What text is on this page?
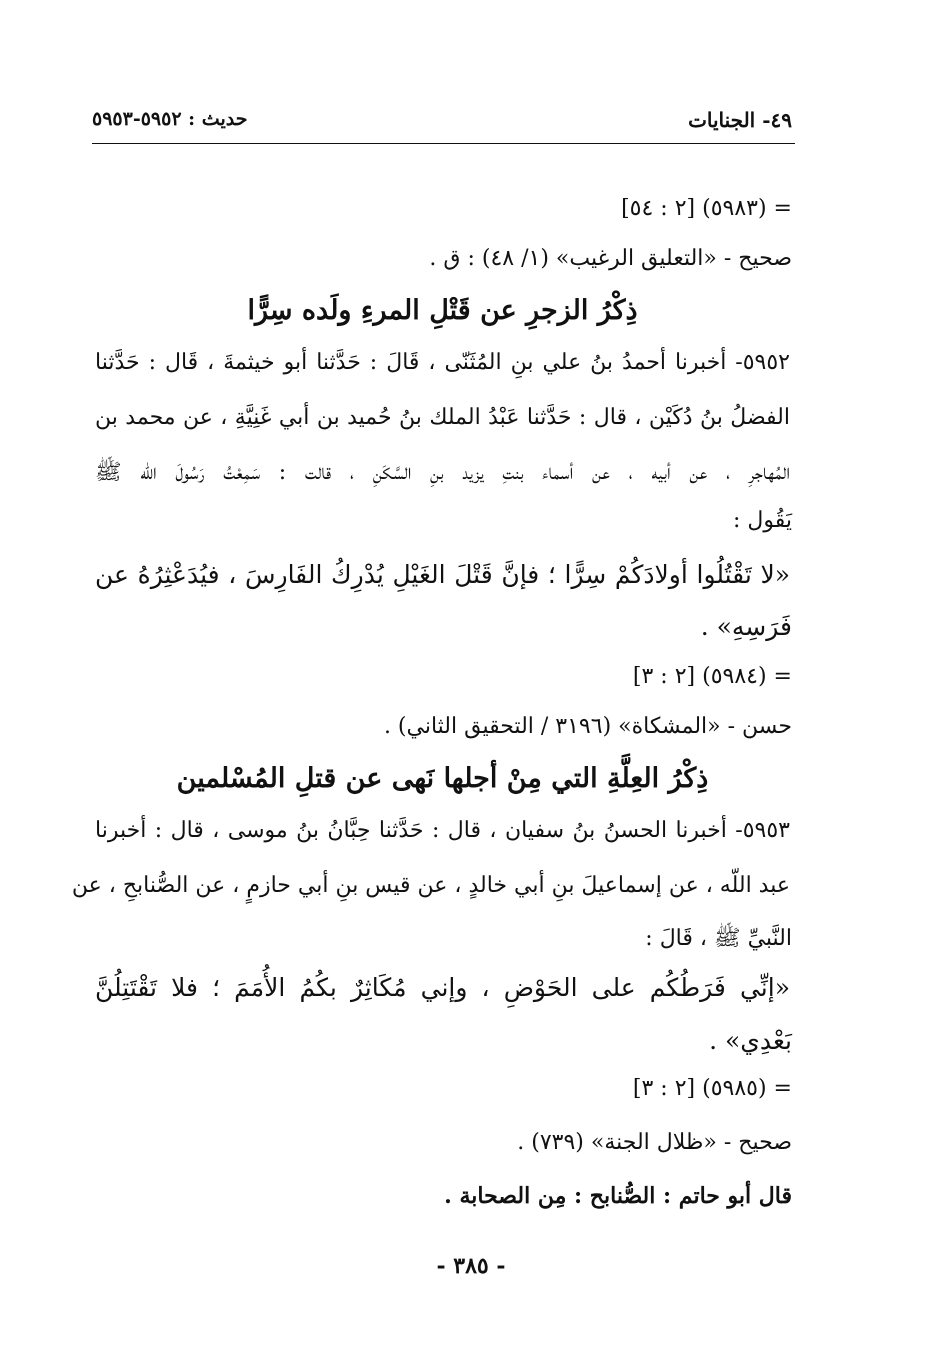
٤٩- الجنايات
حديث : ٥٩٥٢-٥٩٥٣
= (٥٩٨٣) [٢ : ٥٤]
صحيح - «التعليق الرغيب» (١/ ٤٨) : ق .
ذِكْرُ الزجرِ عن قَتْلِ المرءِ ولَده سِرًّا
٥٩٥٢- أخبرنا أحمدُ بنُ علي بنِ المُثَنّى ، قَالَ : حَدَّثنا أبو خيثمةَ ، قَال : حَدَّثنا
الفضلُ بنُ دُكَيْن ، قال : حَدَّثنا عَبْدُ الملك بنُ حُميد بن أبي غَنِيَّةِ ، عن محمد بن
المُهاجرِ ، عن أبيه ، عن أسماء بنتِ يزيد بنِ السَّكَنِ ، قالت : سَمِعْتُ رَسُولَ اللّه ﷺ
يَقُول :
«لا تَقْتُلُوا أولادَكُمْ سِرًّا ؛ فإنَّ قَتْلَ الغَيْلِ يُدْرِكُ الفَارِسَ ، فيُدَعْثِرُهُ عن
فَرَسِهِ» .
= (٥٩٨٤) [٢ : ٣]
حسن - «المشكاة» (٣١٩٦ / التحقيق الثاني) .
ذِكْرُ العِلَّةِ التي مِنْ أجلها نَهى عن قتلِ المُسْلمين
٥٩٥٣- أخبرنا الحسنُ بنُ سفيان ، قال : حَدَّثنا حِبَّانُ بنُ موسى ، قال : أخبرنا
عبد اللّه ، عن إسماعيلَ بنِ أبي خالدٍ ، عن قيس بنِ أبي حازمٍ ، عن الصُّنابحِ ، عن
النَّبيِّ ﷺ ، قَالَ :
«إنِّي فَرَطُكُم على الحَوْضِ ، وإني مُكَاثِرٌ بكُمُ الأُمَمَ ؛ فلا تَقْتَتِلُنَّ
بَعْدِي» .
= (٥٩٨٥) [٢ : ٣]
صحيح - «ظلال الجنة» (٧٣٩) .
قال أبو حاتم : الصُّنابح : مِن الصحابة .
- ٣٨٥ -
